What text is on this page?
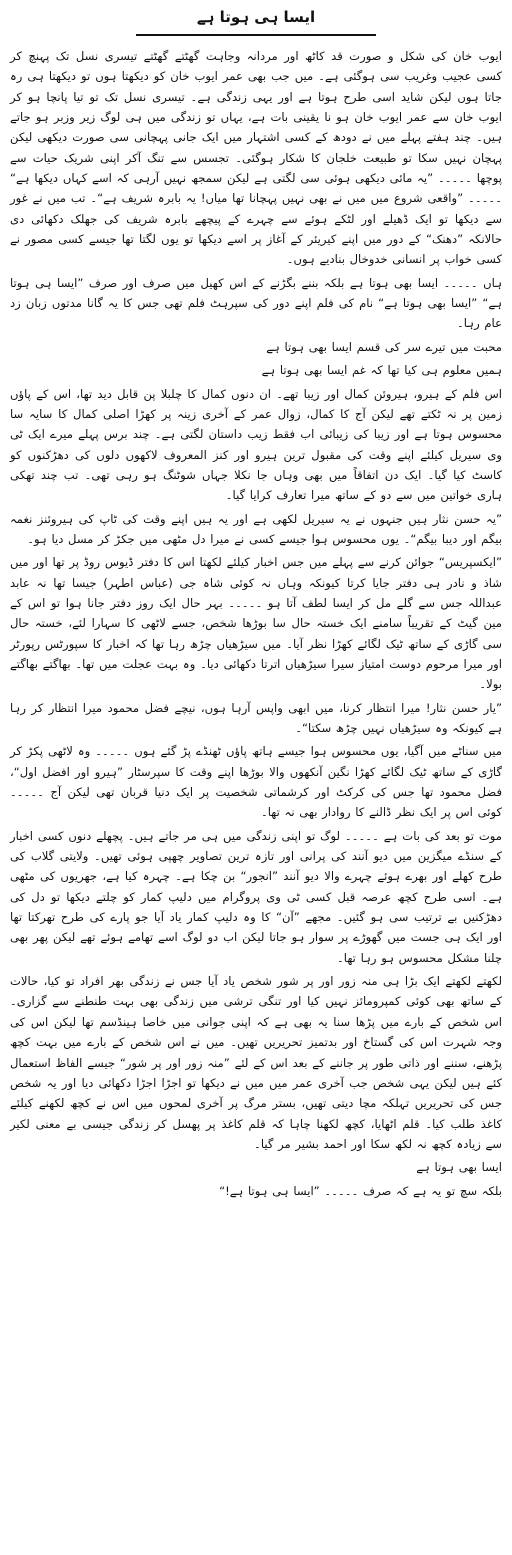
ایسا ہی ہوتا ہے

ایوب خان کی شکل و صورت قد کاٹھ اور مردانہ وجاہت گھٹتے گھٹتے تیسری نسل تک پہنچ کر کسی عجیب وغریب سی ہوگئی ہے۔ میں جب بھی عمر ایوب خان کو دیکھتا ہوں تو دیکھتا ہی رہ جاتا ہوں لیکن شاید اسی طرح ہوتا ہے اور یہی زندگی ہے۔ تیسری نسل تک تو تیا پانچا ہو کر ایوب خان سے عمر ایوب خان ہو نا یقینی بات ہے، یہاں تو زندگی میں ہی لوگ زیر وزبر ہو جاتے ہیں۔ چند ہفتے پہلے میں نے دودھ کے کسی اشتہار میں ایک جانی پہچانی سی صورت دیکھی لیکن پہچان نہیں سکا تو طبیعت خلجان کا شکار ہوگئی۔ تجسس سے تنگ آکر اپنی شریک حیات سے پوچھا ۔۔۔۔۔ ”یہ مائی دیکھی ہوئی سی لگتی ہے لیکن سمجھ نہیں آرہی کہ اسے کہاں دیکھا ہے“ ۔۔۔۔۔ ”واقعی شروع میں میں نے بھی نہیں پہچانا تھا میاں! یہ بابرہ شریف ہے“۔ تب میں نے غور سے دیکھا تو ایک ڈھیلے اور لٹکے ہوئے سے چہرے کے پیچھے بابرہ شریف کی جھلک دکھائی دی حالانکہ ”دھنک“ کے دور میں اپنے کیریئر کے آغاز پر اسے دیکھا تو یوں لگتا تھا جیسے کسی مصور نے کسی خواب پر انسانی خدوخال بنادیے ہوں۔

ہاں ۔۔۔۔۔ ایسا بھی ہوتا ہے بلکہ بننے بگڑنے کے اس کھیل میں صرف اور صرف ”ایسا ہی ہوتا ہے“ ”ایسا بھی ہوتا ہے“ نام کی فلم اپنے دور کی سپرہٹ فلم تھی جس کا یہ گانا مدتوں زبان زد عام رہا۔

محبت میں تیرے سر کی قسم ایسا بھی ہوتا ہے

ہمیں معلوم ہی کیا تھا کہ غم ایسا بھی ہوتا ہے

اس فلم کے ہیرو، ہیروئن کمال اور زیبا تھے۔ ان دنوں کمال کا چلبلا پن قابل دید تھا، اس کے پاؤں زمین پر نہ ٹکتے تھے لیکن آج کا کمال، زوال عمر کے آخری زینہ پر کھڑا اصلی کمال کا سایہ سا محسوس ہوتا ہے اور زیبا کی زیبائی اب فقط زیب داستان لگتی ہے۔ چند برس پہلے میرے ایک ٹی وی سیریل کیلئے اپنے وقت کی مقبول ترین ہیرو اور کنز المعروف لاکھوں دلوں کی دھڑکنوں کو کاسٹ کیا گیا۔ ایک دن اتفاقاً میں بھی وہاں جا نکلا جہاں شوٹنگ ہو رہی تھی۔ تب چند تھکی ہاری خواتین میں سے دو کے ساتھ میرا تعارف کرایا گیا۔

”یہ حسن نثار ہیں جنہوں نے یہ سیریل لکھی ہے اور یہ ہیں اپنے وقت کی ٹاپ کی ہیروئنز نغمہ بیگم اور دیبا بیگم“۔ یوں محسوس ہوا جیسے کسی نے میرا دل مٹھی میں جکڑ کر مسل دیا ہو۔

”ایکسپریس“ جوائن کرنے سے پہلے میں جس اخبار کیلئے لکھتا اس کا دفتر ڈیوس روڈ پر تھا اور میں شاذ و نادر ہی دفتر جایا کرتا کیونکہ وہاں نہ کوئی شاہ جی (عباس اطہر) جیسا تھا نہ عابد عبداللہ جس سے گلے مل کر ایسا لطف آتا ہو ۔۔۔۔۔ بہر حال ایک روز دفتر جانا ہوا تو اس کے مین گیٹ کے تقریباً سامنے ایک خستہ حال سا بوڑھا شخص، جسے لاٹھی کا سہارا لئے، خستہ حال سی گاڑی کے ساتھ ٹیک لگائے کھڑا نظر آیا۔ میں سیڑھیاں چڑھ رہا تھا کہ اخبار کا سپورٹس رپورٹر اور میرا مرحوم دوست امتیاز سیرا سیڑھیاں اترتا دکھائی دیا۔ وہ بہت عجلت میں تھا۔ بھاگتے بھاگتے بولا۔

”یار حسن نثار! میرا انتظار کرنا، میں ابھی واپس آرہا ہوں، نیچے فضل محمود میرا انتظار کر رہا ہے کیونکہ وہ سیڑھیاں نہیں چڑھ سکتا“۔

میں سناٹے میں آگیا، یوں محسوس ہوا جیسے ہاتھ پاؤں ٹھنڈے پڑ گئے ہوں ۔۔۔۔۔ وہ لاٹھی پکڑ کر گاڑی کے ساتھ ٹیک لگائے کھڑا نگین آنکھوں والا بوڑھا اپنے وقت کا سپرسٹار ”ہیرو اور افضل اول“، فضل محمود تھا جس کی کرکٹ اور کرشماتی شخصیت پر ایک دنیا قربان تھی لیکن آج ۔۔۔۔۔ کوئی اس پر ایک نظر ڈالنے کا روادار بھی نہ تھا۔

موت تو بعد کی بات ہے ۔۔۔۔۔ لوگ تو اپنی زندگی میں ہی مر جاتے ہیں۔ پچھلے دنوں کسی اخبار کے سنڈے میگزین میں دیو آنند کی پرانی اور تازہ ترین تصاویر چھپی ہوئی تھیں۔ ولایتی گلاب کی طرح کھلے اور بھرے ہوئے چہرے والا دیو آنند ”انجور“ بن چکا ہے۔ چہرہ کیا ہے، جھریوں کی مٹھی ہے۔ اسی طرح کچھ عرصہ قبل کسی ٹی وی پروگرام میں دلیپ کمار کو چلتے دیکھا تو دل کی دھڑکنیں بے ترتیب سی ہو گئیں۔ مجھے ”آن“ کا وہ دلیپ کمار یاد آیا جو پارے کی طرح تھرکتا تھا اور ایک ہی جست میں گھوڑے پر سوار ہو جاتا لیکن اب دو لوگ اسے تھامے ہوئے تھے لیکن پھر بھی چلنا مشکل محسوس ہو رہا تھا۔

لکھتے لکھتے ایک بڑا ہی منہ زور اور پر شور شخص یاد آیا جس نے زندگی بھر افراد تو کیا، حالات کے ساتھ بھی کوئی کمپرومائز نہیں کیا اور تنگی ترشی میں زندگی بھی بہت طنطنے سے گزاری۔ اس شخص کے بارے میں پڑھا سنا یہ بھی ہے کہ اپنی جوانی میں خاصا ہینڈسم تھا لیکن اس کی وجہ شہرت اس کی گستاخ اور بدتمیز تحریریں تھیں۔ میں نے اس شخص کے بارے میں بہت کچھ پڑھنے، سننے اور ذاتی طور پر جاننے کے بعد اس کے لئے ”منہ زور اور پر شور“ جیسے الفاظ استعمال کئے ہیں لیکن یہی شخص جب آخری عمر میں میں نے دیکھا تو اجڑا اجڑا دکھائی دیا اور یہ شخص جس کی تحریریں تہلکہ مچا دیتی تھیں، بستر مرگ پر آخری لمحوں میں اس نے کچھ لکھنے کیلئے کاغذ طلب کیا۔ قلم اٹھایا، کچھ لکھنا چاہا کہ قلم کاغذ پر پھسل کر زندگی جیسی بے معنی لکیر سے زیادہ کچھ نہ لکھ سکا اور احمد بشیر مر گیا۔

ایسا بھی ہوتا ہے

بلکہ سچ تو یہ ہے کہ صرف ۔۔۔۔۔ ”ایسا ہی ہوتا ہے!“
